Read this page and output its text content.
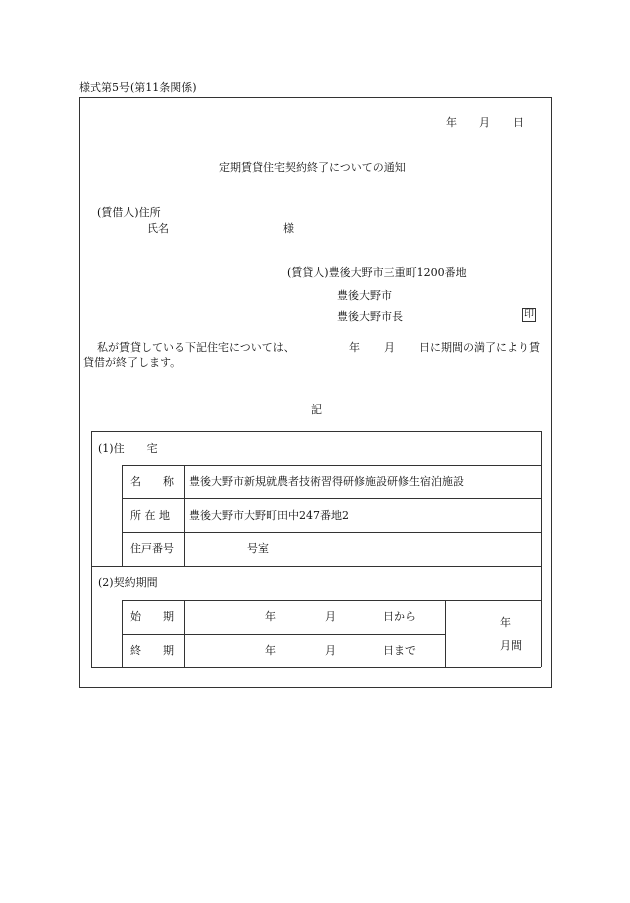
様式第5号(第11条関係)
年 月 日
定期賃貸住宅契約終了についての通知
(賃借人)住所
氏名	様
(賃貸人)豊後大野市三重町1200番地
豊後大野市
豊後大野市長	印
私が賃貸している下記住宅については、	年 月 日に期間の満了により賃
貸借が終了します。
記
(1)住　　宅
名　　称 豊後大野市新規就農者技術習得研修施設研修生宿泊施設
所 在 地 豊後大野市大野町田中247番地2
住戸番号	号室
(2)契約期間
始　　期	年	月	日から
終　　期	年	月	日まで
年
月間
